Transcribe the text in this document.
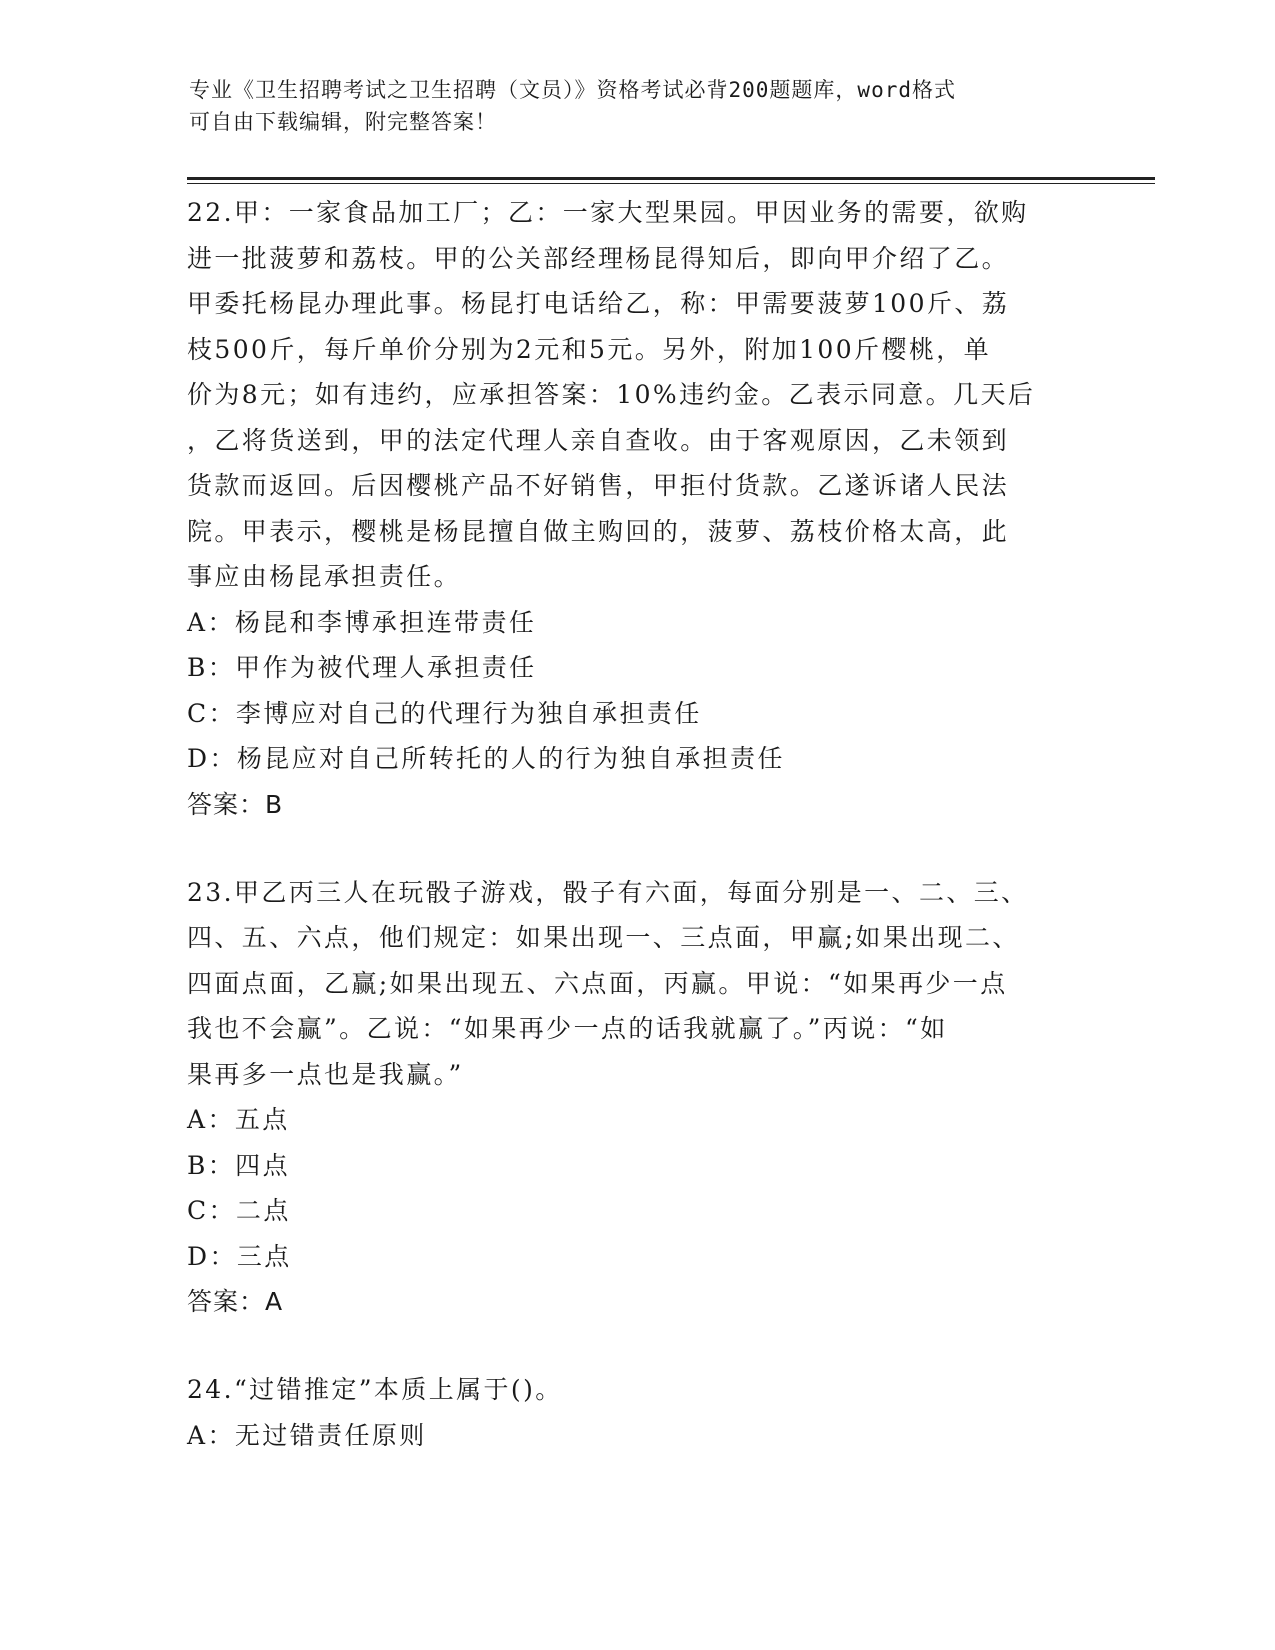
专业《卫生招聘考试之卫生招聘（文员）》资格考试必背200题题库，word格式
可自由下载编辑，附完整答案！

22.甲：一家食品加工厂；乙：一家大型果园。甲因业务的需要，欲购

进一批菠萝和荔枝。甲的公关部经理杨昆得知后，即向甲介绍了乙。

甲委托杨昆办理此事。杨昆打电话给乙，称：甲需要菠萝100斤、荔

枝500斤，每斤单价分别为2元和5元。另外，附加100斤樱桃，单

价为8元；如有违约，应承担答案：10%违约金。乙表示同意。几天后

，乙将货送到，甲的法定代理人亲自查收。由于客观原因，乙未领到

货款而返回。后因樱桃产品不好销售，甲拒付货款。乙遂诉诸人民法

院。甲表示，樱桃是杨昆擅自做主购回的，菠萝、荔枝价格太高，此

事应由杨昆承担责任。

A：杨昆和李博承担连带责任

B：甲作为被代理人承担责任

C：李博应对自己的代理行为独自承担责任

D：杨昆应对自己所转托的人的行为独自承担责任

答案：B

23.甲乙丙三人在玩骰子游戏，骰子有六面，每面分别是一、二、三、

四、五、六点，他们规定：如果出现一、三点面，甲赢;如果出现二、

四面点面，乙赢;如果出现五、六点面，丙赢。甲说：“如果再少一点

我也不会赢”。乙说：“如果再少一点的话我就赢了。”丙说：“如

果再多一点也是我赢。”

A：五点

B：四点

C：二点

D：三点

答案：A

24.“过错推定”本质上属于()。

A：无过错责任原则
